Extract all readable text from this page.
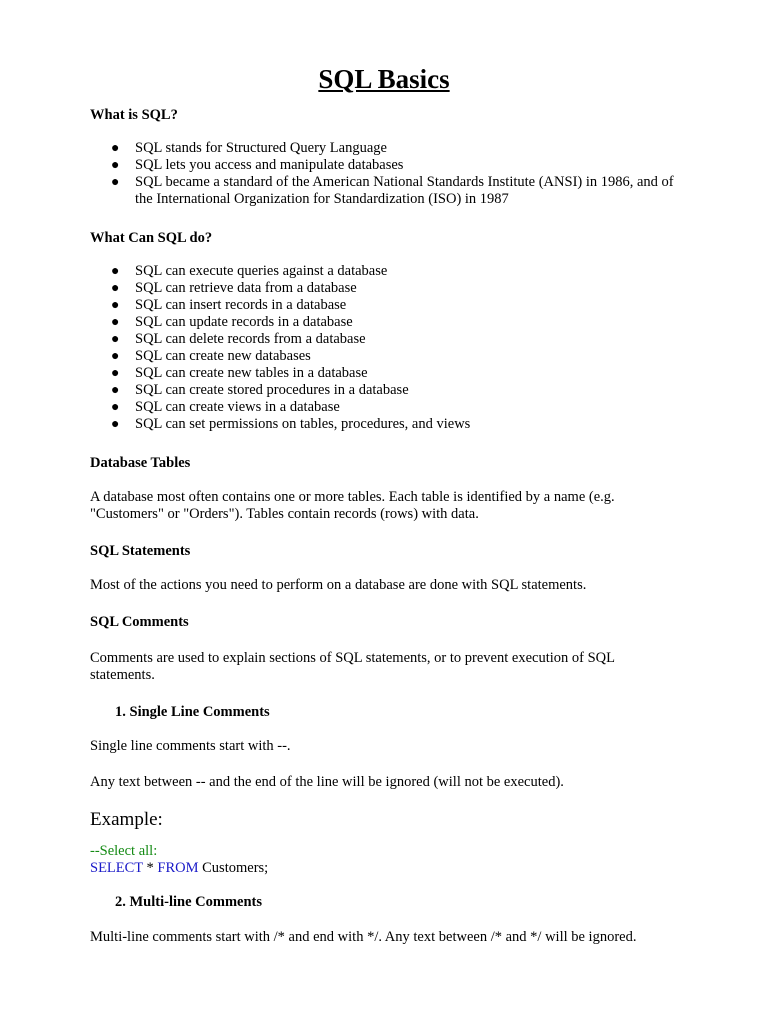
SQL Basics
What is SQL?
● SQL stands for Structured Query Language
● SQL lets you access and manipulate databases
● SQL became a standard of the American National Standards Institute (ANSI) in 1986, and of
the International Organization for Standardization (ISO) in 1987
What Can SQL do?
● SQL can execute queries against a database
● SQL can retrieve data from a database
● SQL can insert records in a database
● SQL can update records in a database
● SQL can delete records from a database
● SQL can create new databases
● SQL can create new tables in a database
● SQL can create stored procedures in a database
● SQL can create views in a database
● SQL can set permissions on tables, procedures, and views
Database Tables
A database most often contains one or more tables. Each table is identified by a name (e.g.
"Customers" or "Orders"). Tables contain records (rows) with data.
SQL Statements
Most of the actions you need to perform on a database are done with SQL statements.
SQL Comments
Comments are used to explain sections of SQL statements, or to prevent execution of SQL
statements.
1. Single Line Comments
Single line comments start with --.
Any text between -- and the end of the line will be ignored (will not be executed).
Example:
--Select all:
SELECT * FROM Customers;
2. Multi-line Comments
Multi-line comments start with /* and end with */. Any text between /* and */ will be ignored.
